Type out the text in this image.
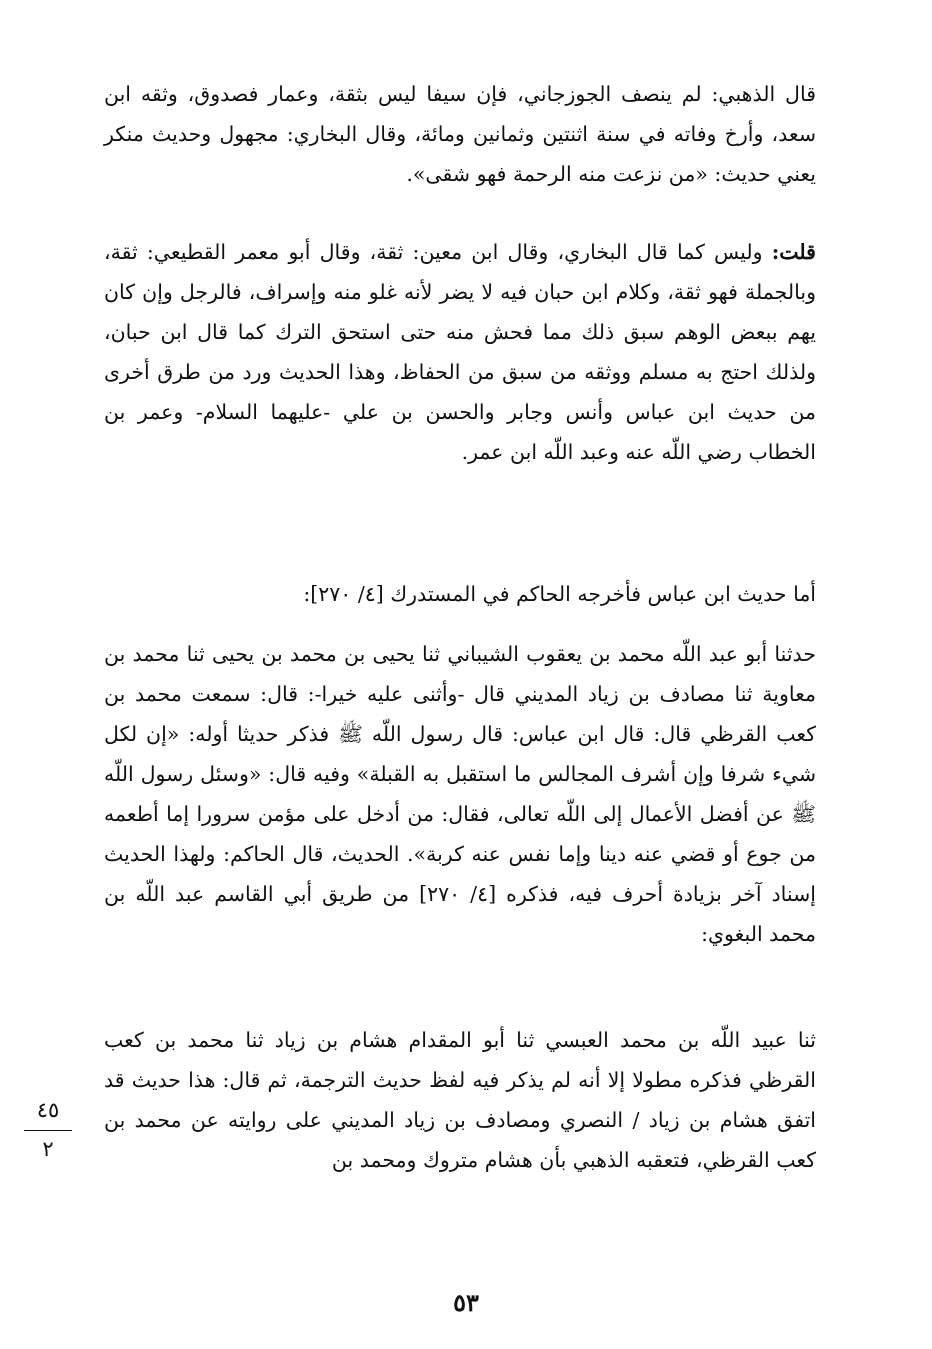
قال الذهبي: لم ينصف الجوزجاني، فإن سيفا ليس بثقة، وعمار فصدوق، وثقه ابن سعد، وأرخ وفاته في سنة اثنتين وثمانين ومائة، وقال البخاري: مجهول وحديث منكر يعني حديث: «من نزعت منه الرحمة فهو شقى».

قلت: وليس كما قال البخاري، وقال ابن معين: ثقة، وقال أبو معمر القطيعي: ثقة، وبالجملة فهو ثقة، وكلام ابن حبان فيه لا يضر لأنه غلو منه وإسراف، فالرجل وإن كان يهم ببعض الوهم سبق ذلك مما فحش منه حتى استحق الترك كما قال ابن حبان، ولذلك احتج به مسلم ووثقه من سبق من الحفاظ، وهذا الحديث ورد من طرق أخرى من حديث ابن عباس وأنس وجابر والحسن بن علي -عليهما السلام- وعمر بن الخطاب رضي اللّه عنه وعبد اللّه ابن عمر.

أما حديث ابن عباس فأخرجه الحاكم في المستدرك [٤/ ٢٧٠]:

حدثنا أبو عبد اللّه محمد بن يعقوب الشيباني ثنا يحيى بن محمد بن يحيى ثنا محمد بن معاوية ثنا مصادف بن زياد المديني قال -وأثنى عليه خيرا-: قال: سمعت محمد بن كعب القرظي قال: قال ابن عباس: قال رسول اللّه ﷺ فذكر حديثا أوله: «إن لكل شيء شرفا وإن أشرف المجالس ما استقبل به القبلة» وفيه قال: «وسئل رسول اللّه ﷺ عن أفضل الأعمال إلى اللّه تعالى، فقال: من أدخل على مؤمن سرورا إما أطعمه من جوع أو قضي عنه دينا وإما نفس عنه كربة». الحديث، قال الحاكم: ولهذا الحديث إسناد آخر بزيادة أحرف فيه، فذكره [٤/ ٢٧٠] من طريق أبي القاسم عبد اللّه بن محمد البغوي:

ثنا عبيد اللّه بن محمد العبسي ثنا أبو المقدام هشام بن زياد ثنا محمد بن كعب القرظي فذكره مطولا إلا أنه لم يذكر فيه لفظ حديث الترجمة، ثم قال: هذا حديث قد اتفق هشام بن زياد / النصري ومصادف بن زياد المديني على روايته عن محمد بن كعب القرظي، فتعقبه الذهبي بأن هشام متروك ومحمد بن

٤٥
٢
٥٣
